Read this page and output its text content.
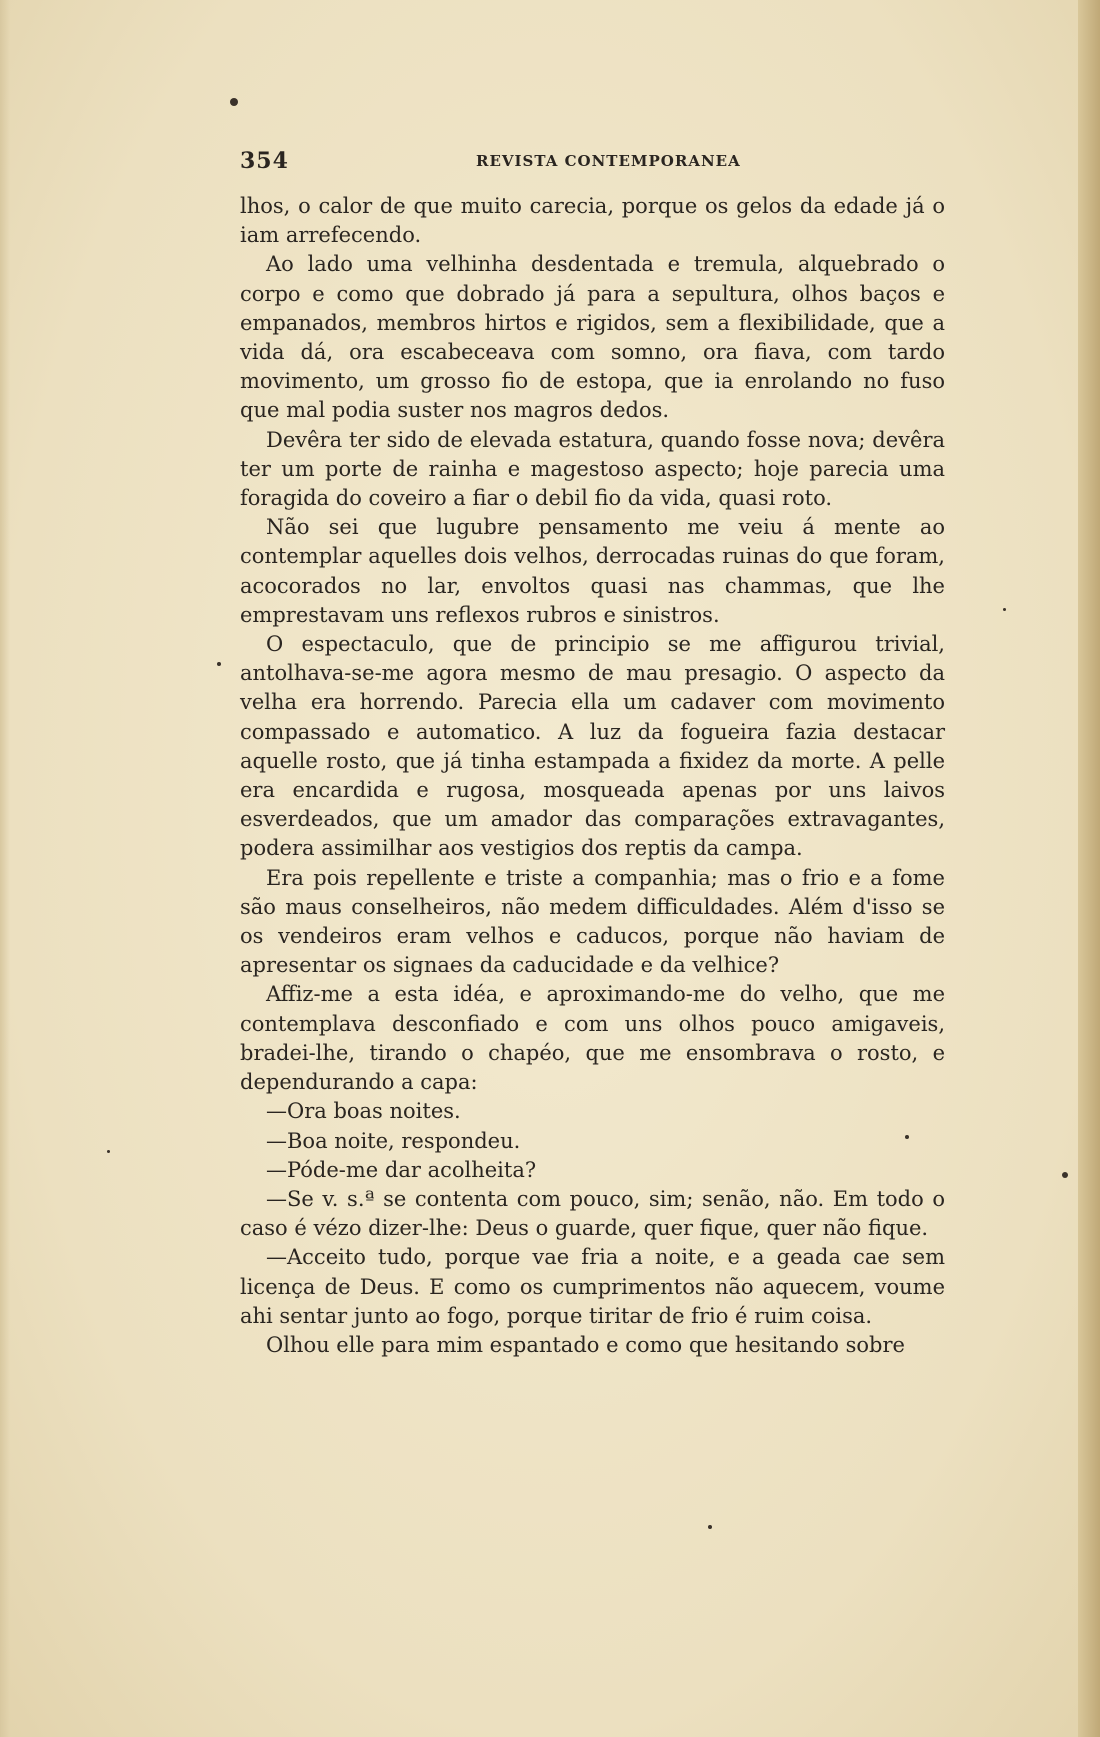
354	REVISTA CONTEMPORANEA

lhos, o calor de que muito carecia, porque os gelos da edade já o iam arrefecendo.

Ao lado uma velhinha desdentada e tremula, alquebrado o corpo e como que dobrado já para a sepultura, olhos baços e empanados, membros hirtos e rigidos, sem a flexibilidade, que a vida dá, ora escabeceava com somno, ora fiava, com tardo movimento, um grosso fio de estopa, que ia enrolando no fuso que mal podia suster nos magros dedos.

Devêra ter sido de elevada estatura, quando fosse nova; devêra ter um porte de rainha e magestoso aspecto; hoje parecia uma foragida do coveiro a fiar o debil fio da vida, quasi roto.

Não sei que lugubre pensamento me veiu á mente ao contemplar aquelles dois velhos, derrocadas ruinas do que foram, acocorados no lar, envoltos quasi nas chammas, que lhe emprestavam uns reflexos rubros e sinistros.

O espectaculo, que de principio se me affigurou trivial, antolhava-se-me agora mesmo de mau presagio. O aspecto da velha era horrendo. Parecia ella um cadaver com movimento compassado e automatico. A luz da fogueira fazia destacar aquelle rosto, que já tinha estampada a fixidez da morte. A pelle era encardida e rugosa, mosqueada apenas por uns laivos esverdeados, que um amador das comparações extravagantes, podera assimilhar aos vestigios dos reptis da campa.

Era pois repellente e triste a companhia; mas o frio e a fome são maus conselheiros, não medem difficuldades. Além d'isso se os vendeiros eram velhos e caducos, porque não haviam de apresentar os signaes da caducidade e da velhice?

Affiz-me a esta idéa, e aproximando-me do velho, que me contemplava desconfiado e com uns olhos pouco amigaveis, bradei-lhe, tirando o chapéo, que me ensombrava o rosto, e dependurando a capa:

—Ora boas noites.

—Boa noite, respondeu.

—Póde-me dar acolheita?

—Se v. s.ª se contenta com pouco, sim; senão, não. Em todo o caso é vézo dizer-lhe: Deus o guarde, quer fique, quer não fique.

—Acceito tudo, porque vae fria a noite, e a geada cae sem licença de Deus. E como os cumprimentos não aquecem, voume ahi sentar junto ao fogo, porque tiritar de frio é ruim coisa.

Olhou elle para mim espantado e como que hesitando sobre
